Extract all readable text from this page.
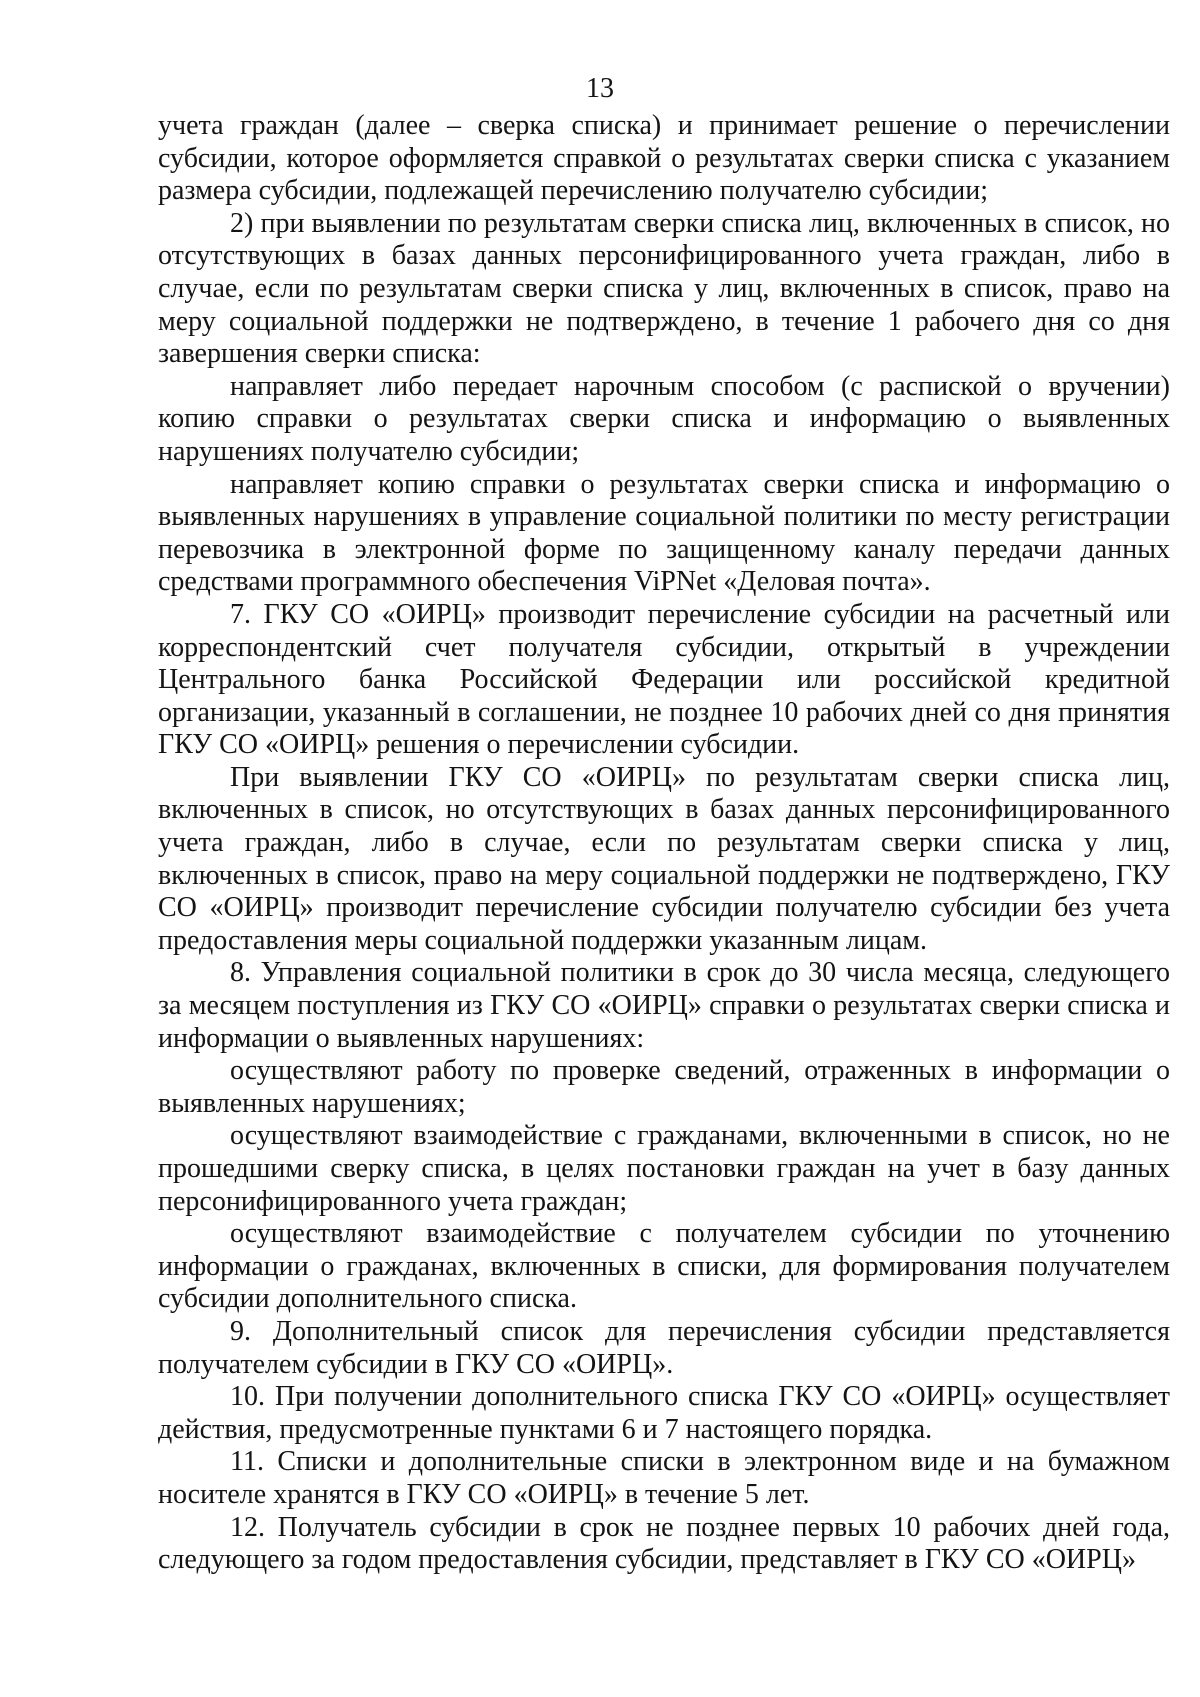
13

учета граждан (далее – сверка списка) и принимает решение о перечислении субсидии, которое оформляется справкой о результатах сверки списка с указанием размера субсидии, подлежащей перечислению получателю субсидии;

2) при выявлении по результатам сверки списка лиц, включенных в список, но отсутствующих в базах данных персонифицированного учета граждан, либо в случае, если по результатам сверки списка у лиц, включенных в список, право на меру социальной поддержки не подтверждено, в течение 1 рабочего дня со дня завершения сверки списка:

направляет либо передает нарочным способом (с распиской о вручении) копию справки о результатах сверки списка и информацию о выявленных нарушениях получателю субсидии;

направляет копию справки о результатах сверки списка и информацию о выявленных нарушениях в управление социальной политики по месту регистрации перевозчика в электронной форме по защищенному каналу передачи данных средствами программного обеспечения ViPNet «Деловая почта».

7. ГКУ СО «ОИРЦ» производит перечисление субсидии на расчетный или корреспондентский счет получателя субсидии, открытый в учреждении Центрального банка Российской Федерации или российской кредитной организации, указанный в соглашении, не позднее 10 рабочих дней со дня принятия ГКУ СО «ОИРЦ» решения о перечислении субсидии.

При выявлении ГКУ СО «ОИРЦ» по результатам сверки списка лиц, включенных в список, но отсутствующих в базах данных персонифицированного учета граждан, либо в случае, если по результатам сверки списка у лиц, включенных в список, право на меру социальной поддержки не подтверждено, ГКУ СО «ОИРЦ» производит перечисление субсидии получателю субсидии без учета предоставления меры социальной поддержки указанным лицам.

8. Управления социальной политики в срок до 30 числа месяца, следующего за месяцем поступления из ГКУ СО «ОИРЦ» справки о результатах сверки списка и информации о выявленных нарушениях:

осуществляют работу по проверке сведений, отраженных в информации о выявленных нарушениях;

осуществляют взаимодействие с гражданами, включенными в список, но не прошедшими сверку списка, в целях постановки граждан на учет в базу данных персонифицированного учета граждан;

осуществляют взаимодействие с получателем субсидии по уточнению информации о гражданах, включенных в списки, для формирования получателем субсидии дополнительного списка.

9. Дополнительный список для перечисления субсидии представляется получателем субсидии в ГКУ СО «ОИРЦ».

10. При получении дополнительного списка ГКУ СО «ОИРЦ» осуществляет действия, предусмотренные пунктами 6 и 7 настоящего порядка.

11. Списки и дополнительные списки в электронном виде и на бумажном носителе хранятся в ГКУ СО «ОИРЦ» в течение 5 лет.

12. Получатель субсидии в срок не позднее первых 10 рабочих дней года, следующего за годом предоставления субсидии, представляет в ГКУ СО «ОИРЦ»
